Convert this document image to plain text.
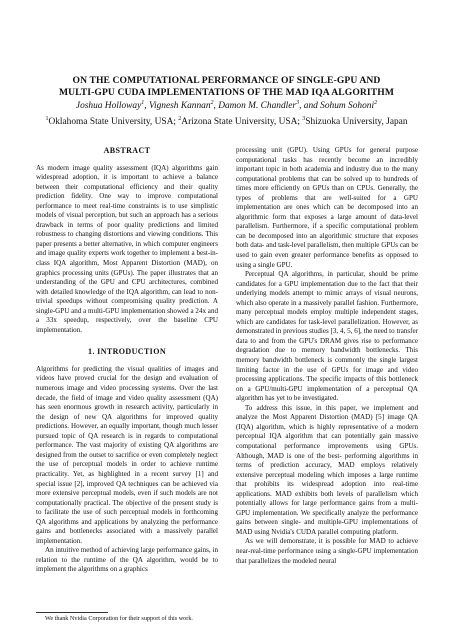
ON THE COMPUTATIONAL PERFORMANCE OF SINGLE-GPU AND
MULTI-GPU CUDA IMPLEMENTATIONS OF THE MAD IQA ALGORITHM
Joshua Holloway$^1$, Vignesh Kannan$^2$, Damon M. Chandler$^3$, and Sohum Sohoni$^2$
$^1$Oklahoma State University, USA; $^2$Arizona State University, USA; $^3$Shizuoka University, Japan

ABSTRACT

As modern image quality assessment (IQA) algorithms gain widespread adoption, it is important to achieve a balance between their computational efficiency and their quality prediction fidelity. One way to improve computational performance to meet real-time constraints is to use simplistic models of visual perception, but such an approach has a serious drawback in terms of poor quality predictions and limited robustness to changing distortions and viewing conditions. This paper presents a better alternative, in which computer engineers and image quality experts work together to implement a best-in-class IQA algorithm, Most Apparent Distortion (MAD), on graphics processing units (GPUs). The paper illustrates that an understanding of the GPU and CPU architectures, combined with detailed knowledge of the IQA algorithm, can lead to non-trivial speedups without compromising quality prediction. A single-GPU and a multi-GPU implementation showed a 24x and a 33x speedup, respectively, over the baseline CPU implementation.

1. INTRODUCTION

Algorithms for predicting the visual qualities of images and videos have proved crucial for the design and evaluation of numerous image and video processing systems. Over the last decade, the field of image and video quality assessment (QA) has seen enormous growth in research activity, particularly in the design of new QA algorithms for improved quality predictions. However, an equally important, though much lesser pursued topic of QA research is in regards to computational performance. The vast majority of existing QA algorithms are designed from the outset to sacrifice or even completely neglect the use of perceptual models in order to achieve runtime practicality. Yet, as highlighted in a recent survey [1] and special issue [2], improved QA techniques can be achieved via more extensive perceptual models, even if such models are not computationally practical. The objective of the present study is to facilitate the use of such perceptual models in forthcoming QA algorithms and applications by analyzing the performance gains and bottlenecks associated with a massively parallel implementation.

An intuitive method of achieving large performance gains, in relation to the runtime of the QA algorithm, would be to implement the algorithms on a graphics

processing unit (GPU). Using GPUs for general purpose computational tasks has recently become an incredibly important topic in both academia and industry due to the many computational problems that can be solved up to hundreds of times more efficiently on GPUs than on CPUs. Generally, the types of problems that are well-suited for a GPU implementation are ones which can be decomposed into an algorithmic form that exposes a large amount of data-level parallelism. Furthermore, if a specific computational problem can be decomposed into an algorithmic structure that exposes both data- and task-level parallelism, then multiple GPUs can be used to gain even greater performance benefits as opposed to using a single GPU.

Perceptual QA algorithms, in particular, should be prime candidates for a GPU implementation due to the fact that their underlying models attempt to mimic arrays of visual neurons, which also operate in a massively parallel fashion. Furthermore, many perceptual models employ multiple independent stages, which are candidates for task-level parallelization. However, as demonstrated in previous studies [3, 4, 5, 6], the need to transfer data to and from the GPU's DRAM gives rise to performance degradation due to memory bandwidth bottlenecks. This memory bandwidth bottleneck is commonly the single largest limiting factor in the use of GPUs for image and video processing applications. The specific impacts of this bottleneck on a GPU/multi-GPU implementation of a perceptual QA algorithm has yet to be investigated.

To address this issue, in this paper, we implement and analyze the Most Apparent Distortion (MAD) [5] image QA (IQA) algorithm, which is highly representative of a modern perceptual IQA algorithm that can potentially gain massive computational performance improvements using GPUs. Although, MAD is one of the best- performing algorithms in terms of prediction accuracy, MAD employs relatively extensive perceptual modeling which imposes a large runtime that prohibits its widespread adoption into real-time applications. MAD exhibits both levels of parallelism which potentially allows for large performance gains from a multi-GPU implementation. We specifically analyze the performance gains between single- and multiple-GPU implementations of MAD using Nvidia's CUDA parallel computing platform.

As we will demonstrate, it is possible for MAD to achieve near-real-time performance using a single-GPU implementation that parallelizes the modeled neural

We thank Nvidia Corporation for their support of this work.
